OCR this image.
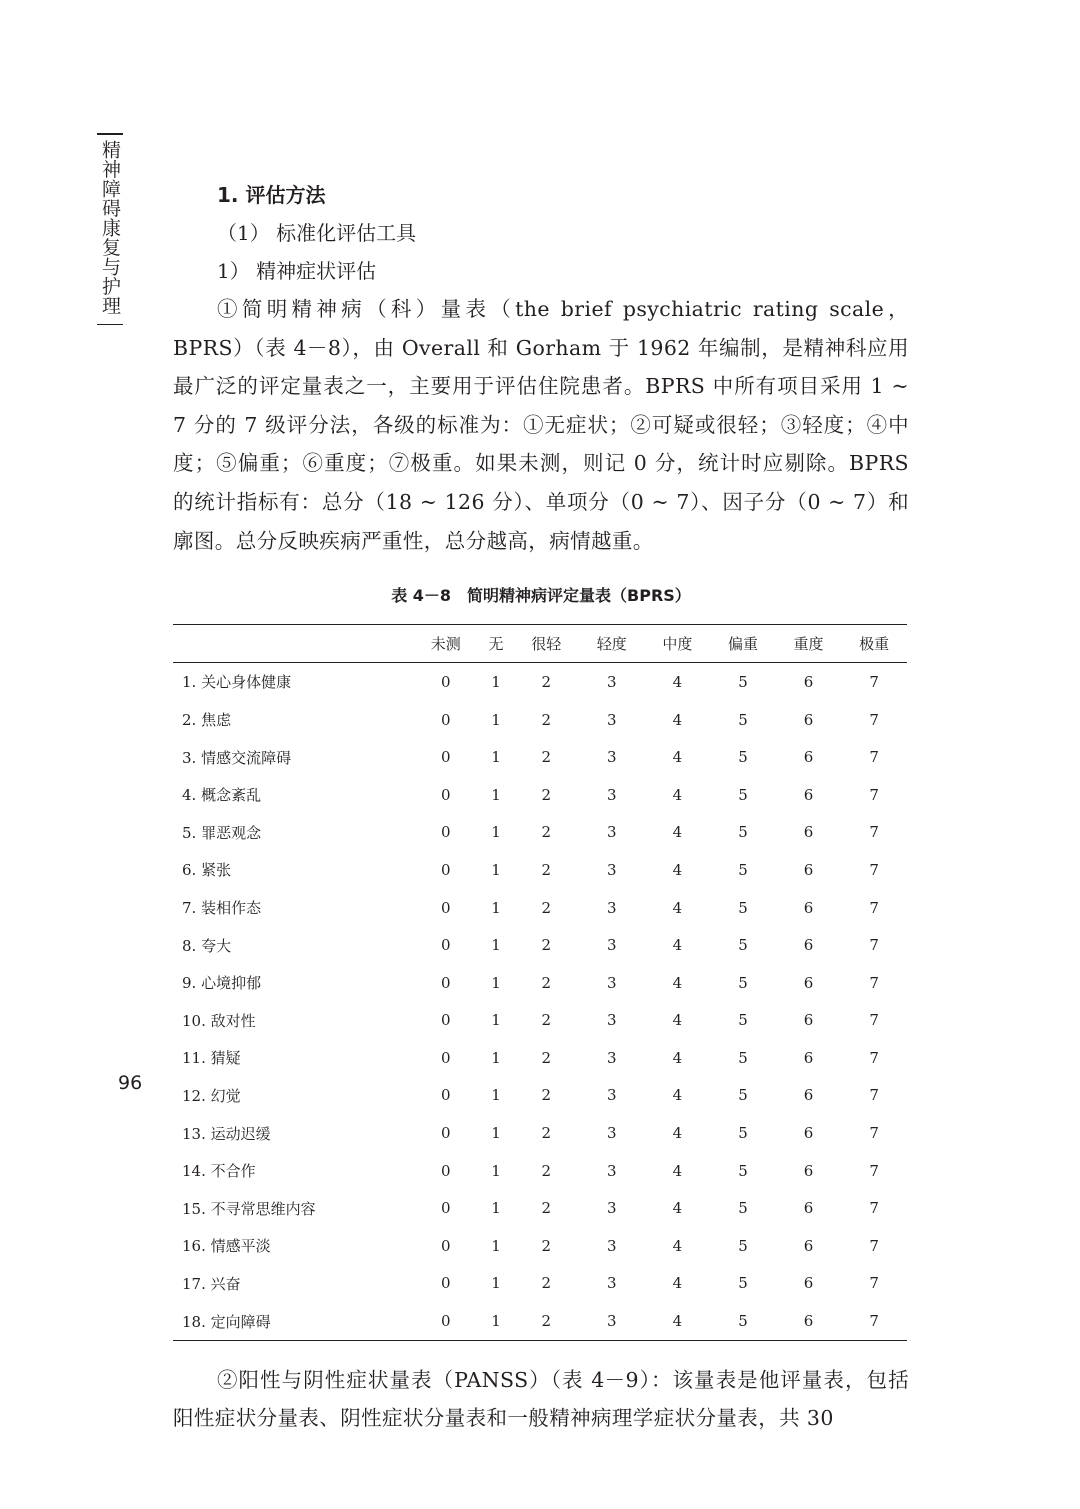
精神障碍康复与护理	1. 评估方法
（1） 标准化评估工具
1） 精神症状评估
①简明精神病（科）量表（the brief psychiatric rating scale，BPRS）（表 4－8），由 Overall 和 Gorham 于 1962 年编制，是精神科应用最广泛的评定量表之一，主要用于评估住院患者。BPRS 中所有项目采用 1 ~ 7 分的 7 级评分法，各级的标准为：①无症状；②可疑或很轻；③轻度；④中度；⑤偏重；⑥重度；⑦极重。如果未测，则记 0 分，统计时应剔除。BPRS 的统计指标有：总分（18 ~ 126 分）、单项分（0 ~ 7）、因子分（0 ~ 7）和廓图。总分反映疾病严重性，总分越高，病情越重。
表 4－8　简明精神病评定量表（BPRS）
	未测	无	很轻	轻度	中度	偏重	重度	极重
1. 关心身体健康	0	1	2	3	4	5	6	7
2. 焦虑	0	1	2	3	4	5	6	7
3. 情感交流障碍	0	1	2	3	4	5	6	7
4. 概念紊乱	0	1	2	3	4	5	6	7
5. 罪恶观念	0	1	2	3	4	5	6	7
6. 紧张	0	1	2	3	4	5	6	7
7. 装相作态	0	1	2	3	4	5	6	7
8. 夸大	0	1	2	3	4	5	6	7
9. 心境抑郁	0	1	2	3	4	5	6	7
10. 敌对性	0	1	2	3	4	5	6	7
11. 猜疑	0	1	2	3	4	5	6	7
12. 幻觉	0	1	2	3	4	5	6	7
13. 运动迟缓	0	1	2	3	4	5	6	7
14. 不合作	0	1	2	3	4	5	6	7
15. 不寻常思维内容	0	1	2	3	4	5	6	7
16. 情感平淡	0	1	2	3	4	5	6	7
17. 兴奋	0	1	2	3	4	5	6	7
18. 定向障碍	0	1	2	3	4	5	6	7
②阳性与阴性症状量表（PANSS）（表 4－9）：该量表是他评量表，包括阳性症状分量表、阴性症状分量表和一般精神病理学症状分量表，共 30
96
